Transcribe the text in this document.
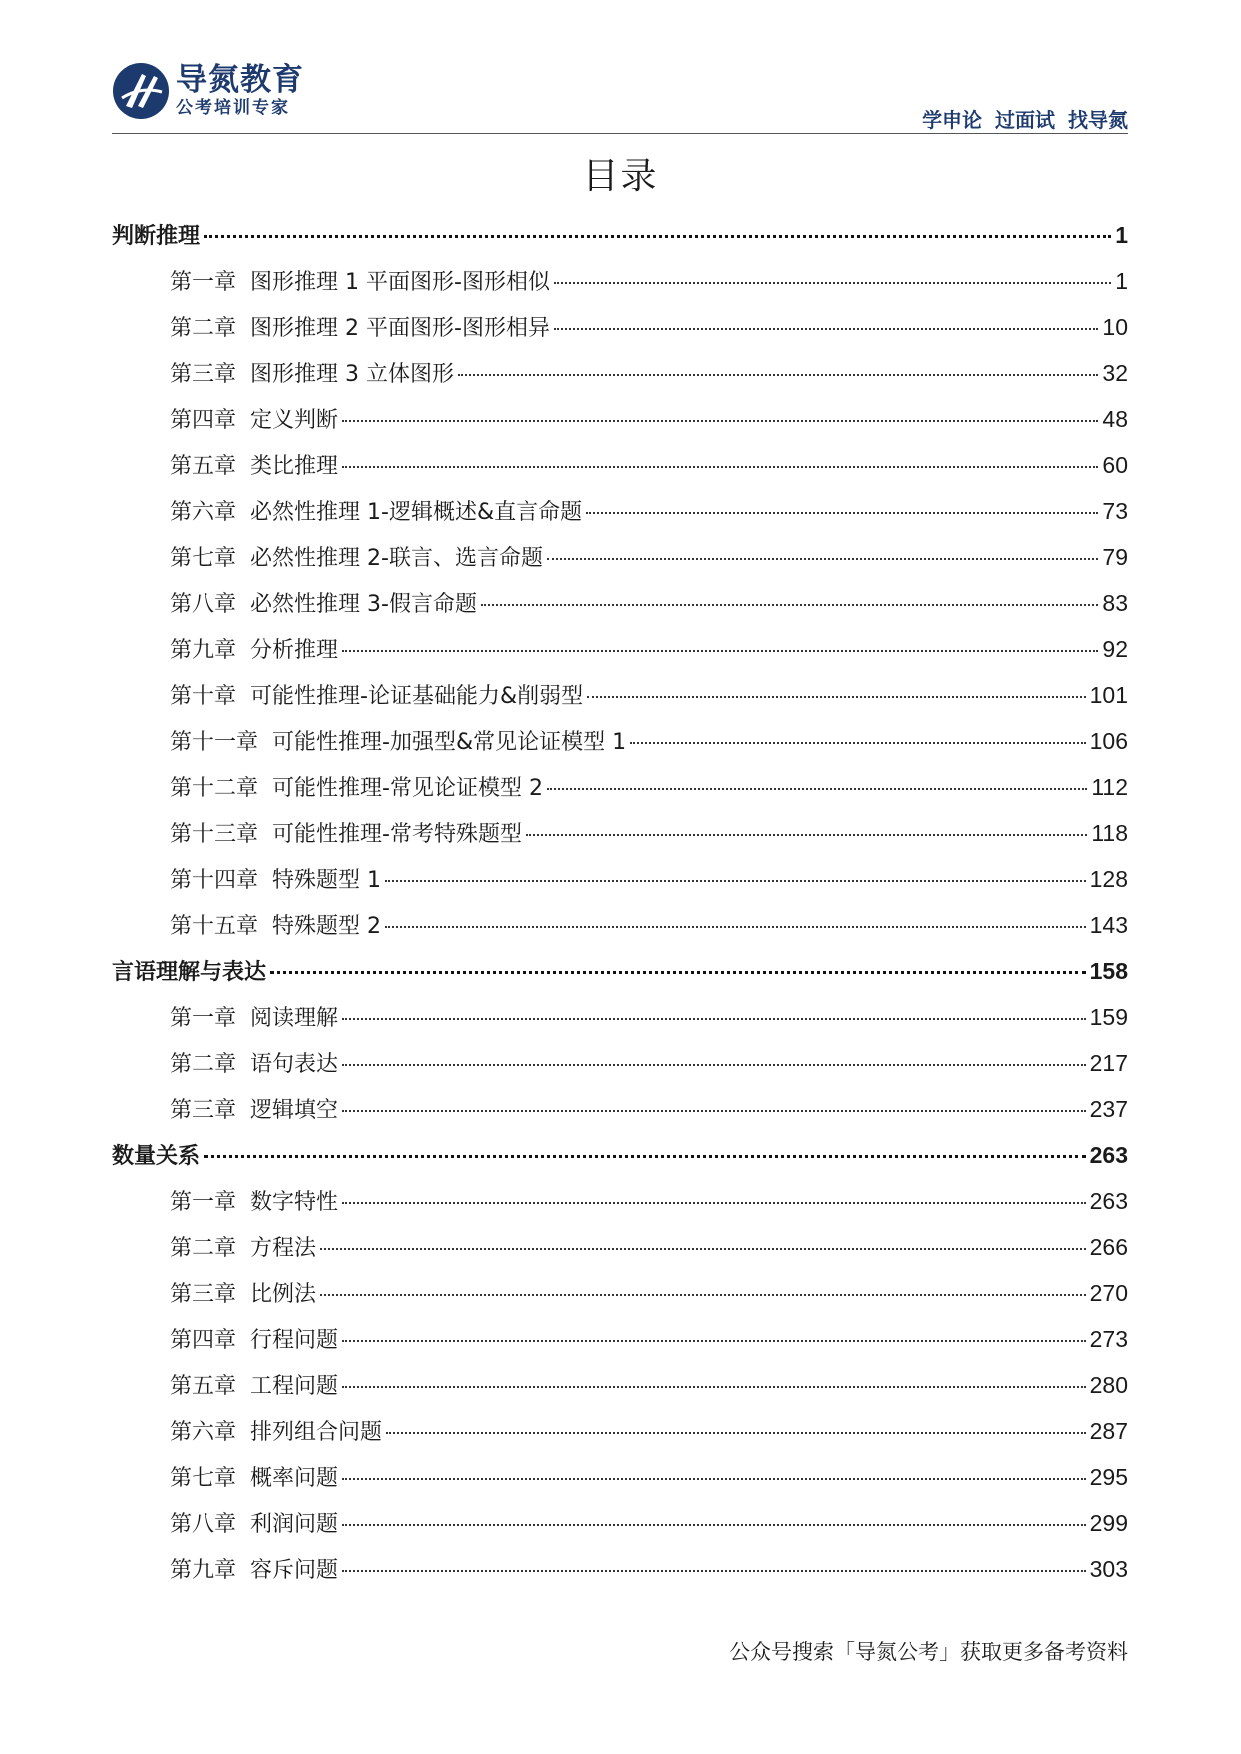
导氮教育
公考培训专家	学申论 过面试 找导氮
目录
判断推理	1
第一章 图形推理 1 平面图形-图形相似	1
第二章 图形推理 2 平面图形-图形相异	10
第三章 图形推理 3 立体图形	32
第四章 定义判断	48
第五章 类比推理	60
第六章 必然性推理 1-逻辑概述&直言命题	73
第七章 必然性推理 2-联言、选言命题	79
第八章 必然性推理 3-假言命题	83
第九章 分析推理	92
第十章 可能性推理-论证基础能力&削弱型	101
第十一章 可能性推理-加强型&常见论证模型 1	106
第十二章 可能性推理-常见论证模型 2	112
第十三章 可能性推理-常考特殊题型	118
第十四章 特殊题型 1	128
第十五章 特殊题型 2	143
言语理解与表达	158
第一章 阅读理解	159
第二章 语句表达	217
第三章 逻辑填空	237
数量关系	263
第一章 数字特性	263
第二章 方程法	266
第三章 比例法	270
第四章 行程问题	273
第五章 工程问题	280
第六章 排列组合问题	287
第七章 概率问题	295
第八章 利润问题	299
第九章 容斥问题	303
公众号搜索「导氮公考」获取更多备考资料
